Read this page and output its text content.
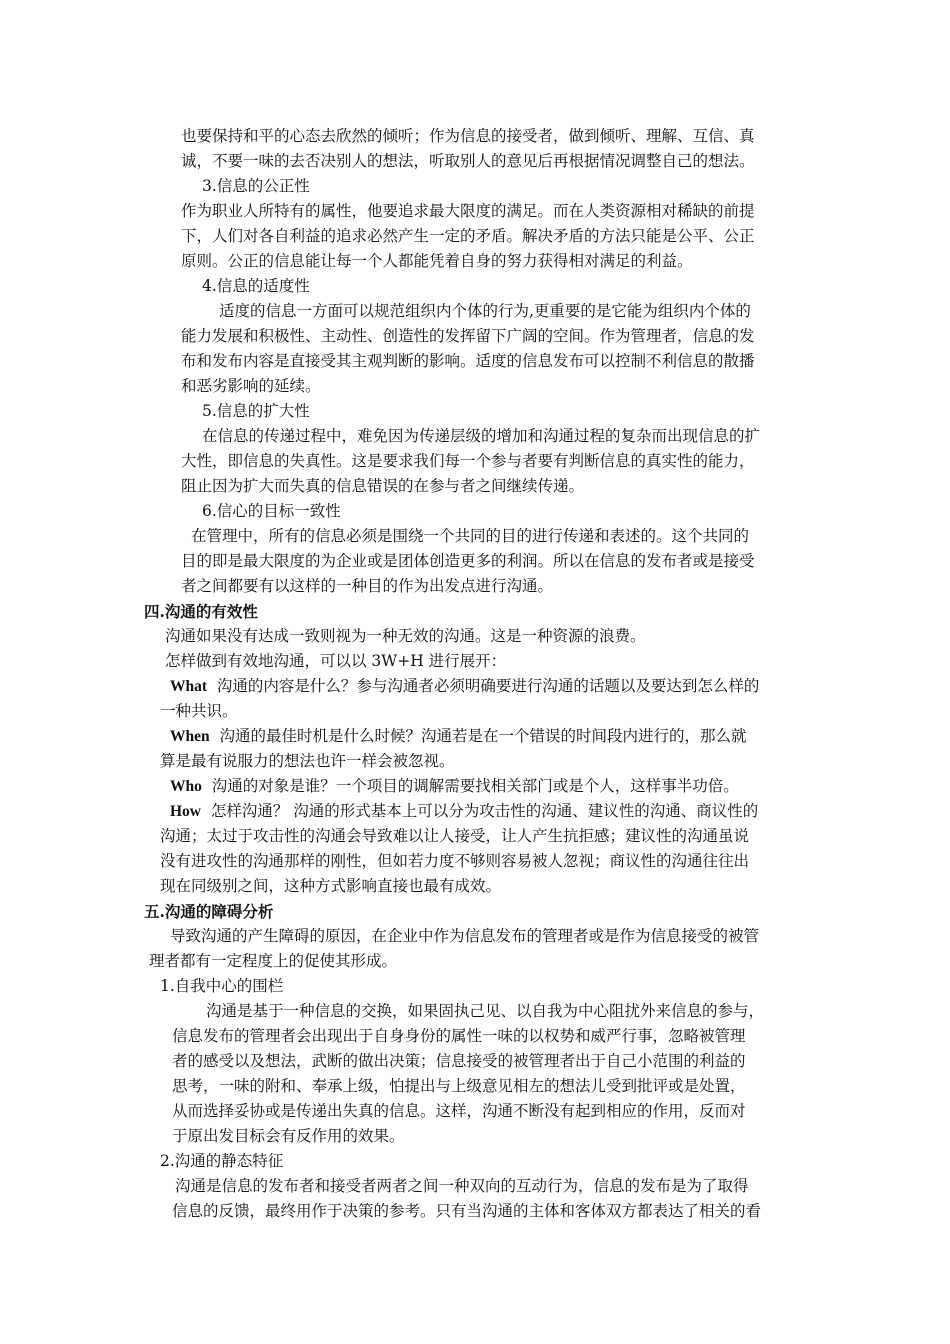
也要保持和平的心态去欣然的倾听；作为信息的接受者，做到倾听、理解、互信、真
诚，不要一味的去否决别人的想法，听取别人的意见后再根据情况调整自己的想法。
3.信息的公正性
作为职业人所特有的属性，他要追求最大限度的满足。而在人类资源相对稀缺的前提
下，人们对各自利益的追求必然产生一定的矛盾。解决矛盾的方法只能是公平、公正
原则。公正的信息能让每一个人都能凭着自身的努力获得相对满足的利益。
4.信息的适度性
适度的信息一方面可以规范组织内个体的行为,更重要的是它能为组织内个体的
能力发展和积极性、主动性、创造性的发挥留下广阔的空间。作为管理者，信息的发
布和发布内容是直接受其主观判断的影响。适度的信息发布可以控制不利信息的散播
和恶劣影响的延续。
5.信息的扩大性
在信息的传递过程中，难免因为传递层级的增加和沟通过程的复杂而出现信息的扩
大性，即信息的失真性。这是要求我们每一个参与者要有判断信息的真实性的能力，
阻止因为扩大而失真的信息错误的在参与者之间继续传递。
6.信心的目标一致性
在管理中，所有的信息必须是围绕一个共同的目的进行传递和表述的。这个共同的
目的即是最大限度的为企业或是团体创造更多的利润。所以在信息的发布者或是接受
者之间都要有以这样的一种目的作为出发点进行沟通。
四.沟通的有效性
沟通如果没有达成一致则视为一种无效的沟通。这是一种资源的浪费。
怎样做到有效地沟通，可以以 3W+H 进行展开：
What 沟通的内容是什么？参与沟通者必须明确要进行沟通的话题以及要达到怎么样的
一种共识。
When 沟通的最佳时机是什么时候？沟通若是在一个错误的时间段内进行的，那么就
算是最有说服力的想法也许一样会被忽视。
Who 沟通的对象是谁？一个项目的调解需要找相关部门或是个人，这样事半功倍。
How 怎样沟通？ 沟通的形式基本上可以分为攻击性的沟通、建议性的沟通、商议性的
沟通；太过于攻击性的沟通会导致难以让人接受，让人产生抗拒感；建议性的沟通虽说
没有进攻性的沟通那样的刚性，但如若力度不够则容易被人忽视；商议性的沟通往往出
现在同级别之间，这种方式影响直接也最有成效。
五.沟通的障碍分析
导致沟通的产生障碍的原因，在企业中作为信息发布的管理者或是作为信息接受的被管
理者都有一定程度上的促使其形成。
1.自我中心的围栏
沟通是基于一种信息的交换，如果固执己见、以自我为中心阻扰外来信息的参与，
信息发布的管理者会出现出于自身身份的属性一味的以权势和威严行事，忽略被管理
者的感受以及想法，武断的做出决策；信息接受的被管理者出于自己小范围的利益的
思考，一味的附和、奉承上级，怕提出与上级意见相左的想法儿受到批评或是处置，
从而选择妥协或是传递出失真的信息。这样，沟通不断没有起到相应的作用，反而对
于原出发目标会有反作用的效果。
2.沟通的静态特征
沟通是信息的发布者和接受者两者之间一种双向的互动行为，信息的发布是为了取得
信息的反馈，最终用作于决策的参考。只有当沟通的主体和客体双方都表达了相关的看
